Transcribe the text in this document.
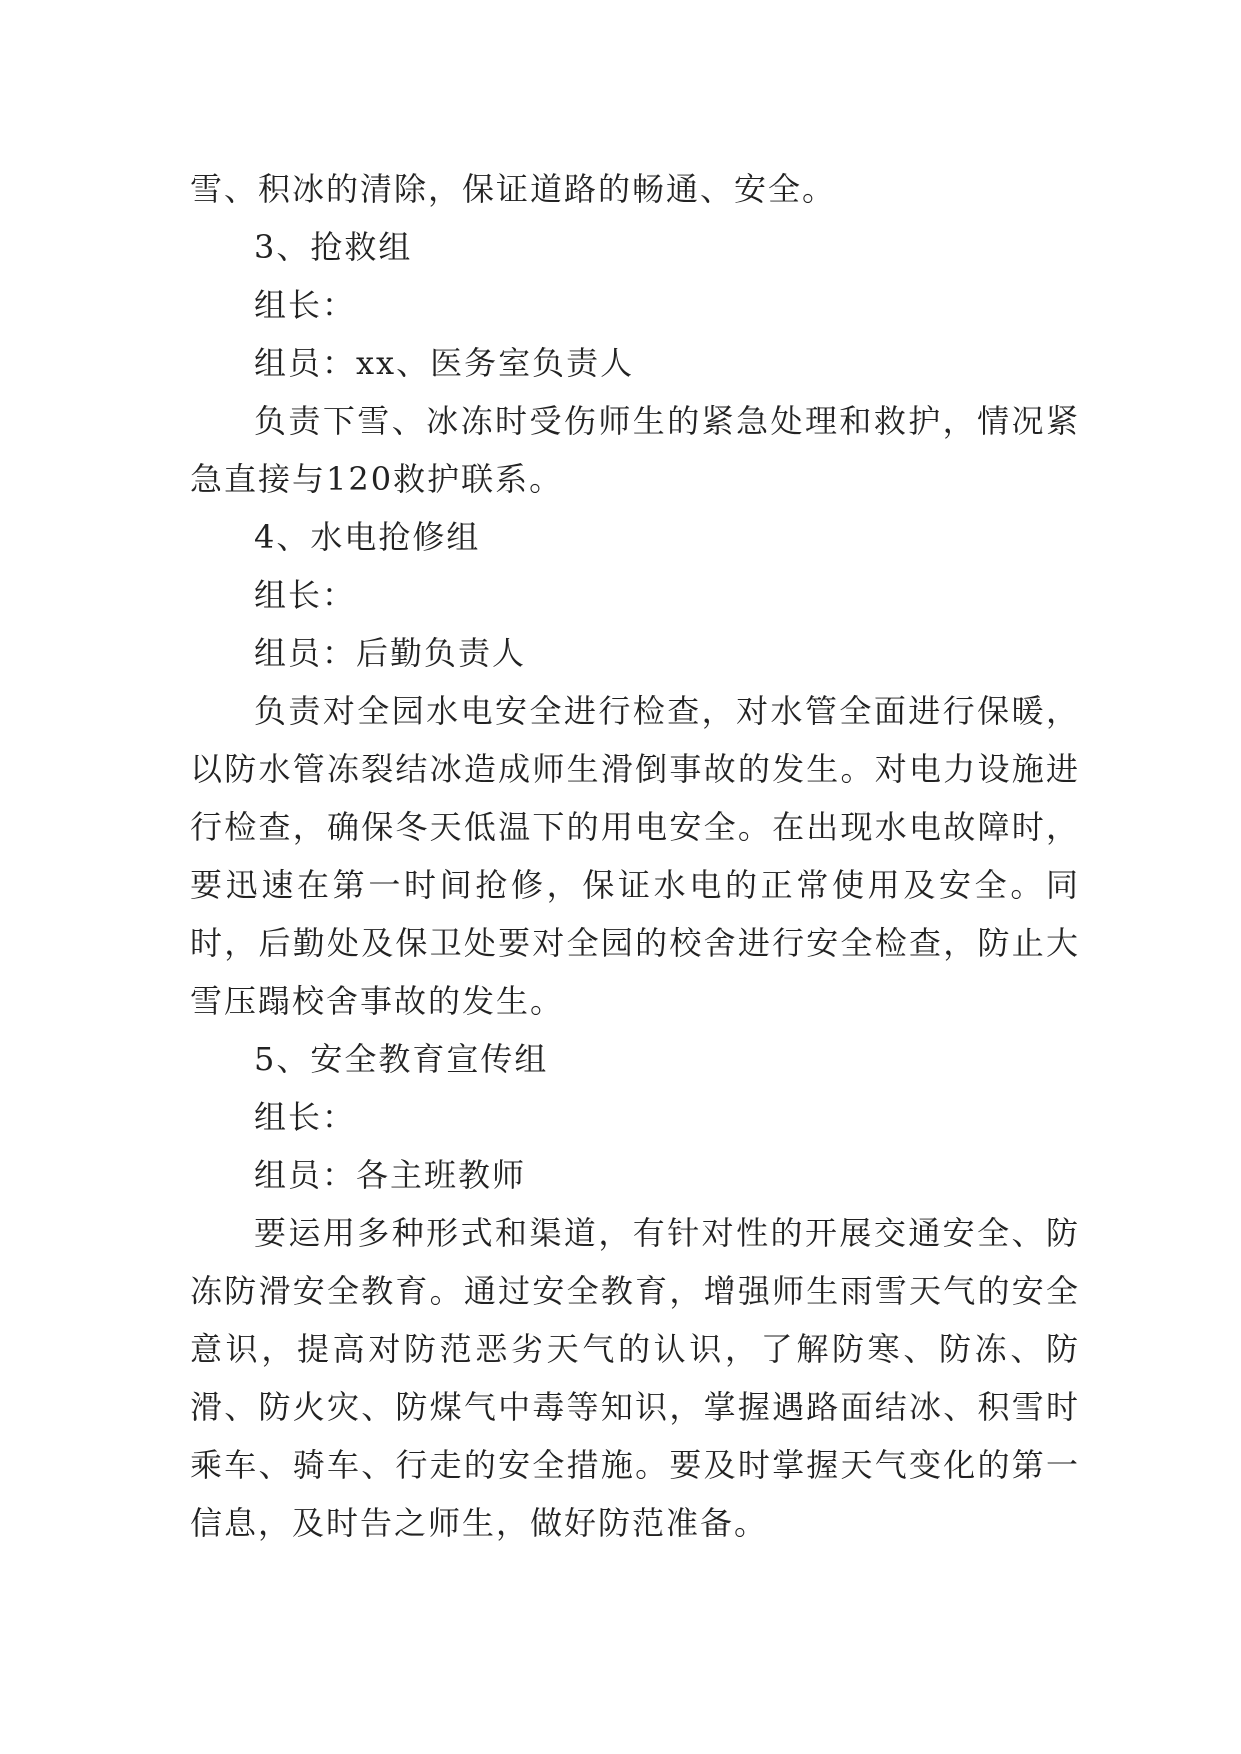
雪、积冰的清除，保证道路的畅通、安全。

3、抢救组

组长：

组员：xx、医务室负责人

负责下雪、冰冻时受伤师生的紧急处理和救护，情况紧急直接与120救护联系。

4、水电抢修组

组长：

组员：后勤负责人

负责对全园水电安全进行检查，对水管全面进行保暖，以防水管冻裂结冰造成师生滑倒事故的发生。对电力设施进行检查，确保冬天低温下的用电安全。在出现水电故障时，要迅速在第一时间抢修，保证水电的正常使用及安全。同时，后勤处及保卫处要对全园的校舍进行安全检查，防止大雪压蹋校舍事故的发生。

5、安全教育宣传组

组长：

组员：各主班教师

要运用多种形式和渠道，有针对性的开展交通安全、防冻防滑安全教育。通过安全教育，增强师生雨雪天气的安全意识，提高对防范恶劣天气的认识，了解防寒、防冻、防滑、防火灾、防煤气中毒等知识，掌握遇路面结冰、积雪时乘车、骑车、行走的安全措施。要及时掌握天气变化的第一信息，及时告之师生，做好防范准备。
